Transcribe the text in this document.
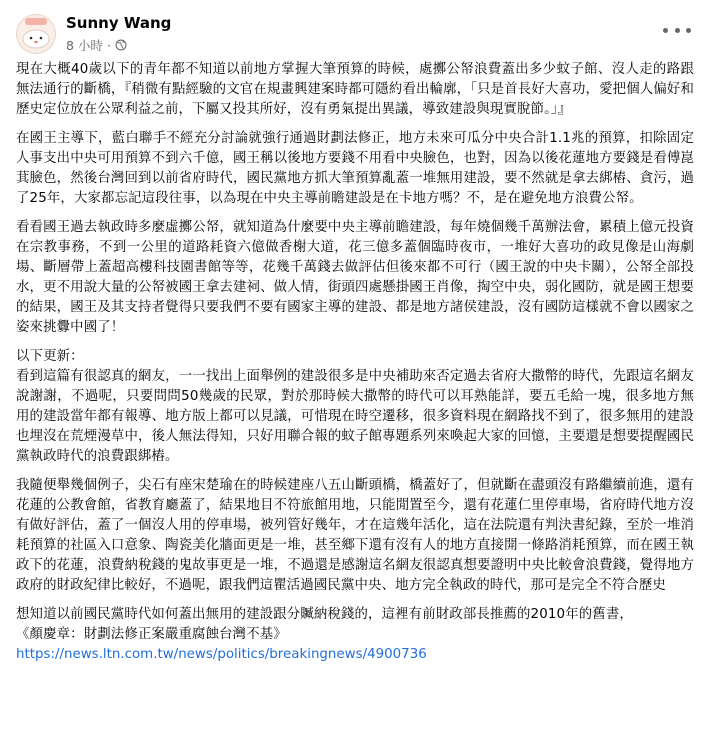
Sunny Wang
8 小時 ·

現在大概40歲以下的青年都不知道以前地方掌握大筆預算的時候，處擲公帑浪費蓋出多少蚊子館、沒人走的路跟無法通行的斷橋，『稍微有點經驗的文官在規畫興建案時都可隱約看出輪廓，「只是首長好大喜功，愛把個人偏好和歷史定位放在公眾利益之前，下屬又投其所好，沒有勇氣提出異議，導致建設與現實脫節。」』

在國王主導下，藍白聯手不經充分討論就強行通過財劃法修正，地方未來可瓜分中央合計1.1兆的預算，扣除固定人事支出中央可用預算不到六千億，國王稱以後地方要錢不用看中央臉色，也對，因為以後花蓮地方要錢是看傅崑萁臉色，然後台灣回到以前省府時代，國民黨地方抓大筆預算亂蓋一堆無用建設，要不然就是拿去綁樁、貪污，過了25年，大家都忘記這段往事，以為現在中央主導前瞻建設是在卡地方嗎？不，是在避免地方浪費公帑。

看看國王過去執政時多麼虛擲公帑，就知道為什麼要中央主導前瞻建設，每年燒個幾千萬辦法會，累積上億元投資在宗教事務，不到一公里的道路耗資六億做香榭大道，花三億多蓋個臨時夜市，一堆好大喜功的政見像是山海劇場、斷層帶上蓋超高樓科技園書館等等，花幾千萬錢去做評估但後來都不可行（國王說的中央卡關），公帑全部投水，更不用說大量的公帑被國王拿去建祠、做人情，街頭四處懸掛國王肖像，掏空中央，弱化國防，就是國王想要的結果，國王及其支持者覺得只要我們不要有國家主導的建設、都是地方諸侯建設，沒有國防這樣就不會以國家之姿來挑釁中國了！

以下更新：

看到這篇有很認真的網友，一一找出上面舉例的建設很多是中央補助來否定過去省府大撒幣的時代，先跟這名網友說謝謝，不過呢，只要問問50幾歲的民眾，對於那時候大撒幣的時代可以耳熟能詳，要五毛給一塊，很多地方無用的建設當年都有報導、地方版上都可以見議，可惜現在時空遷移，很多資料現在網路找不到了，很多無用的建設也埋沒在荒煙漫草中，後人無法得知，只好用聯合報的蚊子館專題系列來喚起大家的回憶，主要還是想要提醒國民黨執政時代的浪費跟綁樁。

我隨便舉幾個例子，尖石有座宋楚瑜在的時候建座八五山斷頭橋，橋蓋好了，但就斷在盡頭沒有路繼續前進，還有花蓮的公教會館，省教育廳蓋了，結果地目不符旅館用地，只能閒置至今，還有花蓮仁里停車場，省府時代地方沒有做好評估，蓋了一個沒人用的停車場，被列管好幾年，才在這幾年活化，這在法院還有判決書紀錄，至於一堆消耗預算的社區入口意象、陶瓷美化牆面更是一堆，甚至鄉下還有沒有人的地方直接開一條路消耗預算，而在國王執政下的花蓮，浪費納稅錢的鬼故事更是一堆，不過還是感謝這名網友很認真想要證明中央比較會浪費錢，覺得地方政府的財政紀律比較好，不過呢，跟我們這瞿活過國民黨中央、地方完全執政的時代，那可是完全不符合歷史

想知道以前國民黨時代如何蓋出無用的建設跟分贓納稅錢的，這裡有前財政部長推薦的2010年的舊書，

《顏慶章：財劃法修正案嚴重腐蝕台灣不基》

https://news.ltn.com.tw/news/politics/breakingnews/4900736
